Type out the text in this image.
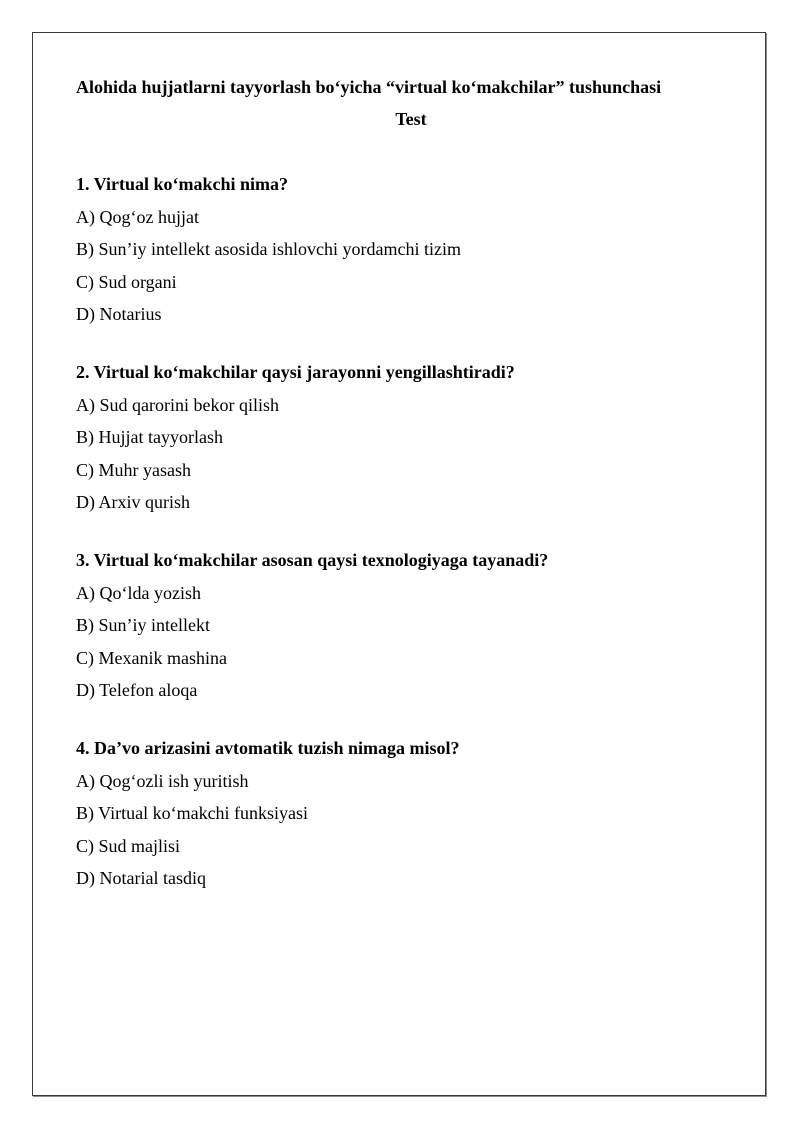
Alohida hujjatlarni tayyorlash bo‘yicha “virtual ko‘makchilar” tushunchasi

Test

1. Virtual ko‘makchi nima?

A) Qog‘oz hujjat

B) Sun’iy intellekt asosida ishlovchi yordamchi tizim

C) Sud organi

D) Notarius

2. Virtual ko‘makchilar qaysi jarayonni yengillashtiradi?

A) Sud qarorini bekor qilish

B) Hujjat tayyorlash

C) Muhr yasash

D) Arxiv qurish

3. Virtual ko‘makchilar asosan qaysi texnologiyaga tayanadi?

A) Qo‘lda yozish

B) Sun’iy intellekt

C) Mexanik mashina

D) Telefon aloqa

4. Da’vo arizasini avtomatik tuzish nimaga misol?

A) Qog‘ozli ish yuritish

B) Virtual ko‘makchi funksiyasi

C) Sud majlisi

D) Notarial tasdiq
